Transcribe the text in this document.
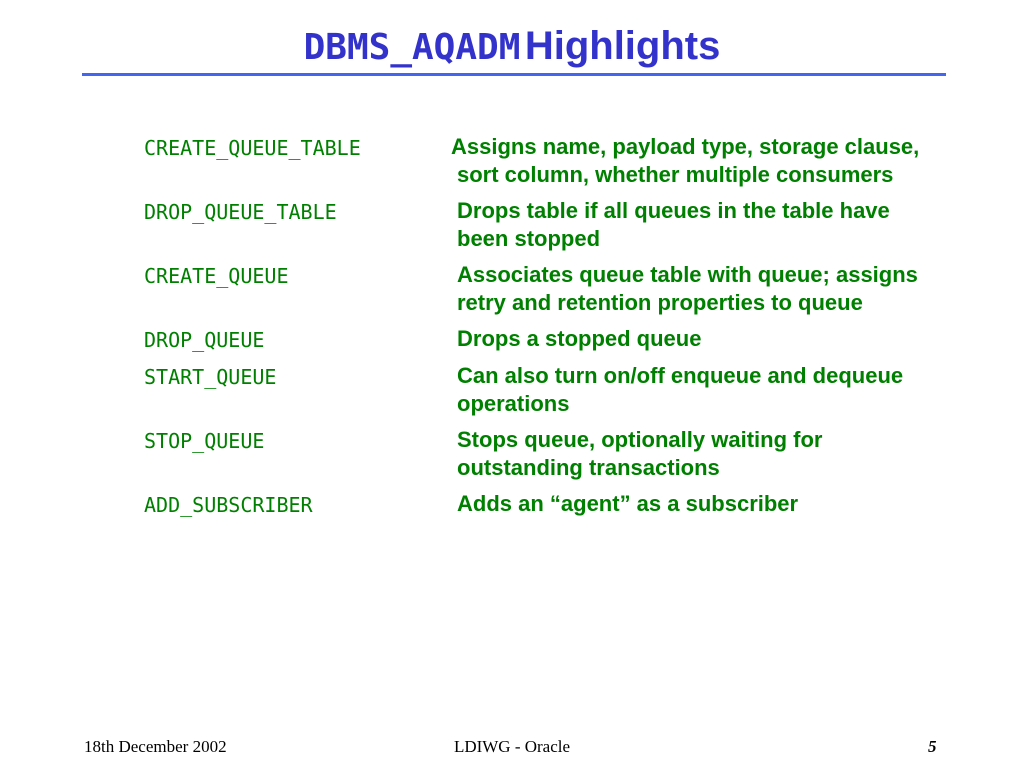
DBMS_AQADM Highlights
CREATE_QUEUE_TABLE	Assigns name, payload type, storage clause, sort column, whether multiple consumers
DROP_QUEUE_TABLE	Drops table if all queues in the table have been stopped
CREATE_QUEUE	Associates queue table with queue; assigns retry and retention properties to queue
DROP_QUEUE	Drops a stopped queue
START_QUEUE	Can also turn on/off enqueue and dequeue operations
STOP_QUEUE	Stops queue, optionally waiting for outstanding transactions
ADD_SUBSCRIBER	Adds an “agent” as a subscriber
18th December 2002	LDIWG - Oracle	5
